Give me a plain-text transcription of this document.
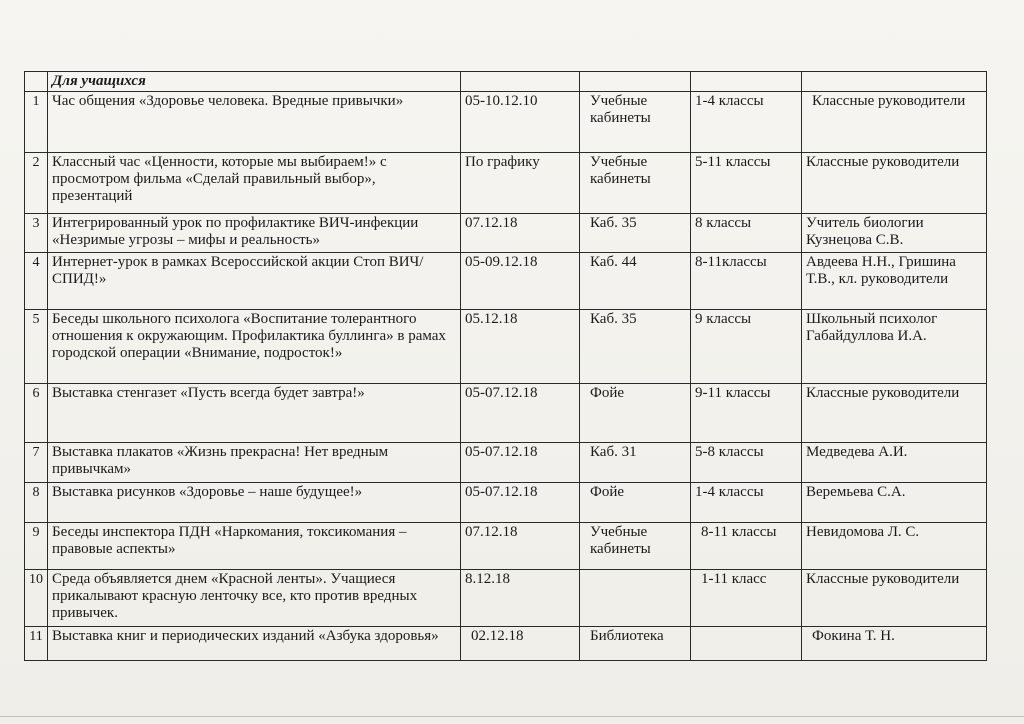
	Для учащихся				
1	Час общения «Здоровье человека. Вредные привычки»	05-10.12.10	Учебные кабинеты	1-4 классы	Классные руководители
2	Классный час «Ценности, которые мы выбираем!» с просмотром фильма «Сделай правильный выбор», презентаций	По графику	Учебные кабинеты	5-11 классы	Классные руководители
3	Интегрированный урок по профилактике ВИЧ-инфекции «Незримые угрозы – мифы и реальность»	07.12.18	Каб. 35	8 классы	Учитель биологии Кузнецова С.В.
4	Интернет-урок в рамках Всероссийской акции Стоп ВИЧ/СПИД!»	05-09.12.18	Каб. 44	8-11классы	Авдеева Н.Н., Гришина Т.В., кл. руководители
5	Беседы школьного психолога «Воспитание толерантного отношения к окружающим. Профилактика буллинга» в рамах городской операции «Внимание, подросток!»	05.12.18	Каб. 35	9 классы	Школьный психолог Габайдуллова И.А.
6	Выставка стенгазет «Пусть всегда будет завтра!»	05-07.12.18	Фойе	9-11 классы	Классные руководители
7	Выставка плакатов «Жизнь прекрасна! Нет вредным привычкам»	05-07.12.18	Каб. 31	5-8 классы	Медведева А.И.
8	Выставка рисунков «Здоровье – наше будущее!»	05-07.12.18	Фойе	1-4 классы	Веремьева С.А.
9	Беседы инспектора ПДН «Наркомания, токсикомания – правовые аспекты»	07.12.18	Учебные кабинеты	8-11 классы	Невидомова Л. С.
10	Среда объявляется днем «Красной ленты». Учащиеся прикалывают красную ленточку все, кто против вредных привычек.	8.12.18		1-11 класс	Классные руководители
11	Выставка книг и периодических изданий «Азбука здоровья»	02.12.18	Библиотека		Фокина Т. Н.
